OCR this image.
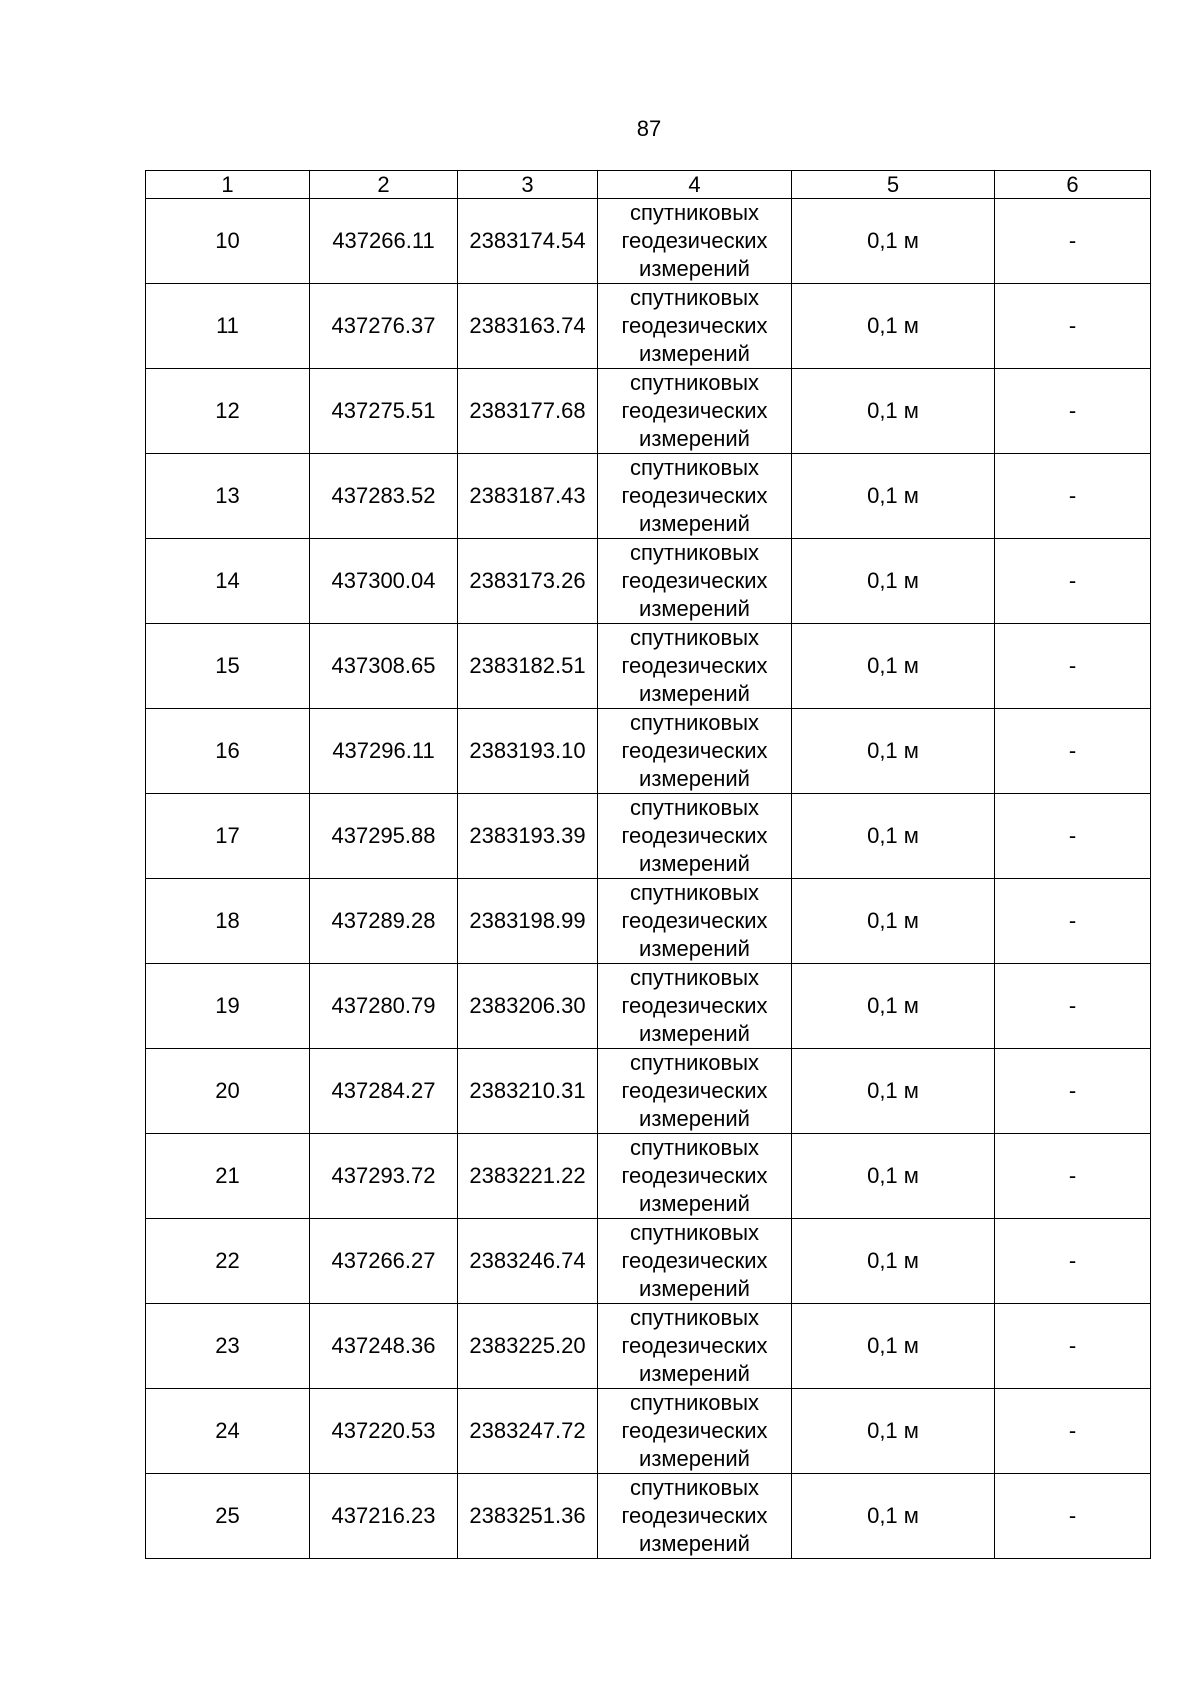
87
1	2	3	4	5	6
10	437266.11	2383174.54	спутниковых
геодезических
измерений	0,1 м	-
11	437276.37	2383163.74	спутниковых
геодезических
измерений	0,1 м	-
12	437275.51	2383177.68	спутниковых
геодезических
измерений	0,1 м	-
13	437283.52	2383187.43	спутниковых
геодезических
измерений	0,1 м	-
14	437300.04	2383173.26	спутниковых
геодезических
измерений	0,1 м	-
15	437308.65	2383182.51	спутниковых
геодезических
измерений	0,1 м	-
16	437296.11	2383193.10	спутниковых
геодезических
измерений	0,1 м	-
17	437295.88	2383193.39	спутниковых
геодезических
измерений	0,1 м	-
18	437289.28	2383198.99	спутниковых
геодезических
измерений	0,1 м	-
19	437280.79	2383206.30	спутниковых
геодезических
измерений	0,1 м	-
20	437284.27	2383210.31	спутниковых
геодезических
измерений	0,1 м	-
21	437293.72	2383221.22	спутниковых
геодезических
измерений	0,1 м	-
22	437266.27	2383246.74	спутниковых
геодезических
измерений	0,1 м	-
23	437248.36	2383225.20	спутниковых
геодезических
измерений	0,1 м	-
24	437220.53	2383247.72	спутниковых
геодезических
измерений	0,1 м	-
25	437216.23	2383251.36	спутниковых
геодезических
измерений	0,1 м	-
